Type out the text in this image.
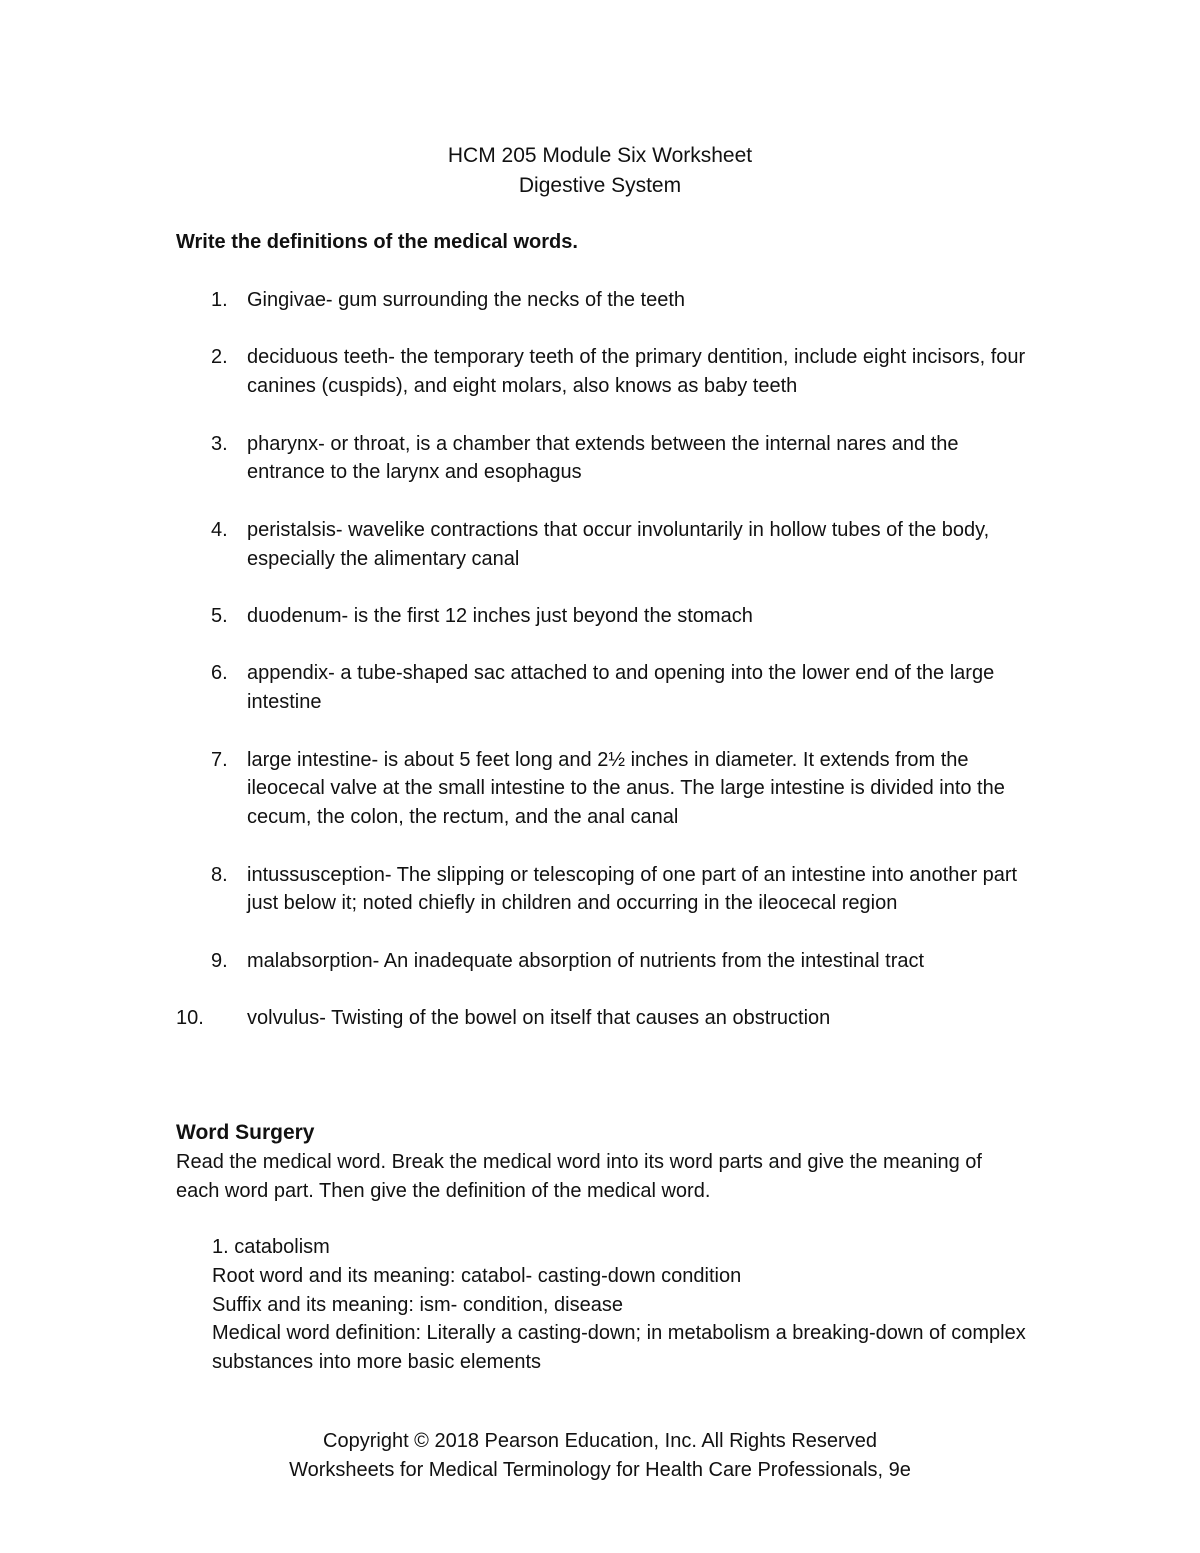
HCM 205 Module Six Worksheet
Digestive System
Write the definitions of the medical words.
1. Gingivae- gum surrounding the necks of the teeth
2. deciduous teeth- the temporary teeth of the primary dentition, include eight incisors, four canines (cuspids), and eight molars, also knows as baby teeth
3. pharynx- or throat, is a chamber that extends between the internal nares and the entrance to the larynx and esophagus
4. peristalsis- wavelike contractions that occur involuntarily in hollow tubes of the body, especially the alimentary canal
5. duodenum- is the first 12 inches just beyond the stomach
6. appendix- a tube-shaped sac attached to and opening into the lower end of the large intestine
7. large intestine- is about 5 feet long and 2½ inches in diameter. It extends from the ileocecal valve at the small intestine to the anus. The large intestine is divided into the cecum, the colon, the rectum, and the anal canal
8. intussusception- The slipping or telescoping of one part of an intestine into another part just below it; noted chiefly in children and occurring in the ileocecal region
9. malabsorption- An inadequate absorption of nutrients from the intestinal tract
10. volvulus- Twisting of the bowel on itself that causes an obstruction
Word Surgery
Read the medical word. Break the medical word into its word parts and give the meaning of each word part. Then give the definition of the medical word.
1. catabolism
Root word and its meaning: catabol- casting-down condition
Suffix and its meaning: ism- condition, disease
Medical word definition: Literally a casting-down; in metabolism a breaking-down of complex substances into more basic elements
Copyright © 2018 Pearson Education, Inc. All Rights Reserved
Worksheets for Medical Terminology for Health Care Professionals, 9e
